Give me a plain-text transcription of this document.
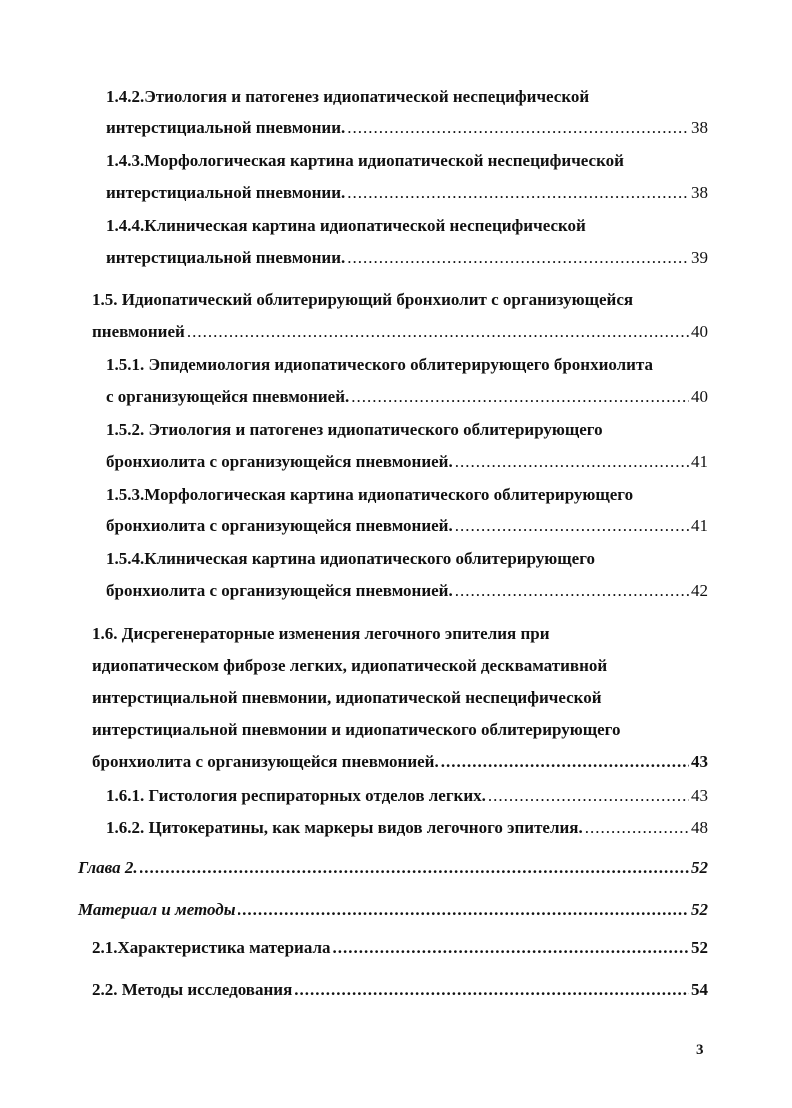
1.4.2.Этиология и патогенез идиопатической неспецифической
интерстициальной пневмонии. .....	38
1.4.3.Морфологическая картина идиопатической неспецифической
интерстициальной пневмонии. .....	38
1.4.4.Клиническая картина идиопатической неспецифической
интерстициальной пневмонии. .....	39
1.5. Идиопатический облитерирующий бронхиолит с организующейся
пневмонией .....	40
1.5.1. Эпидемиология идиопатического облитерирующего бронхиолита
с организующейся пневмонией. .....	40
1.5.2. Этиология и патогенез идиопатического облитерирующего
бронхиолита с организующейся пневмонией. .....	41
1.5.3.Морфологическая картина идиопатического облитерирующего
бронхиолита с организующейся пневмонией. .....	41
1.5.4.Клиническая картина идиопатического облитерирующего
бронхиолита с организующейся пневмонией. .....	42
1.6. Дисрегенераторные изменения легочного эпителия при
идиопатическом фиброзе легких, идиопатической десквамативной
интерстициальной пневмонии, идиопатической неспецифической
интерстициальной пневмонии и идиопатического облитерирующего
бронхиолита с организующейся пневмонией. .....	43
1.6.1. Гистология респираторных отделов легких. .....	43
1.6.2. Цитокератины, как маркеры видов легочного эпителия. .....	48
Глава 2. .....	52
Материал и методы .....	52
2.1.Характеристика материала .....	52
2.2. Методы исследования .....	54
3
